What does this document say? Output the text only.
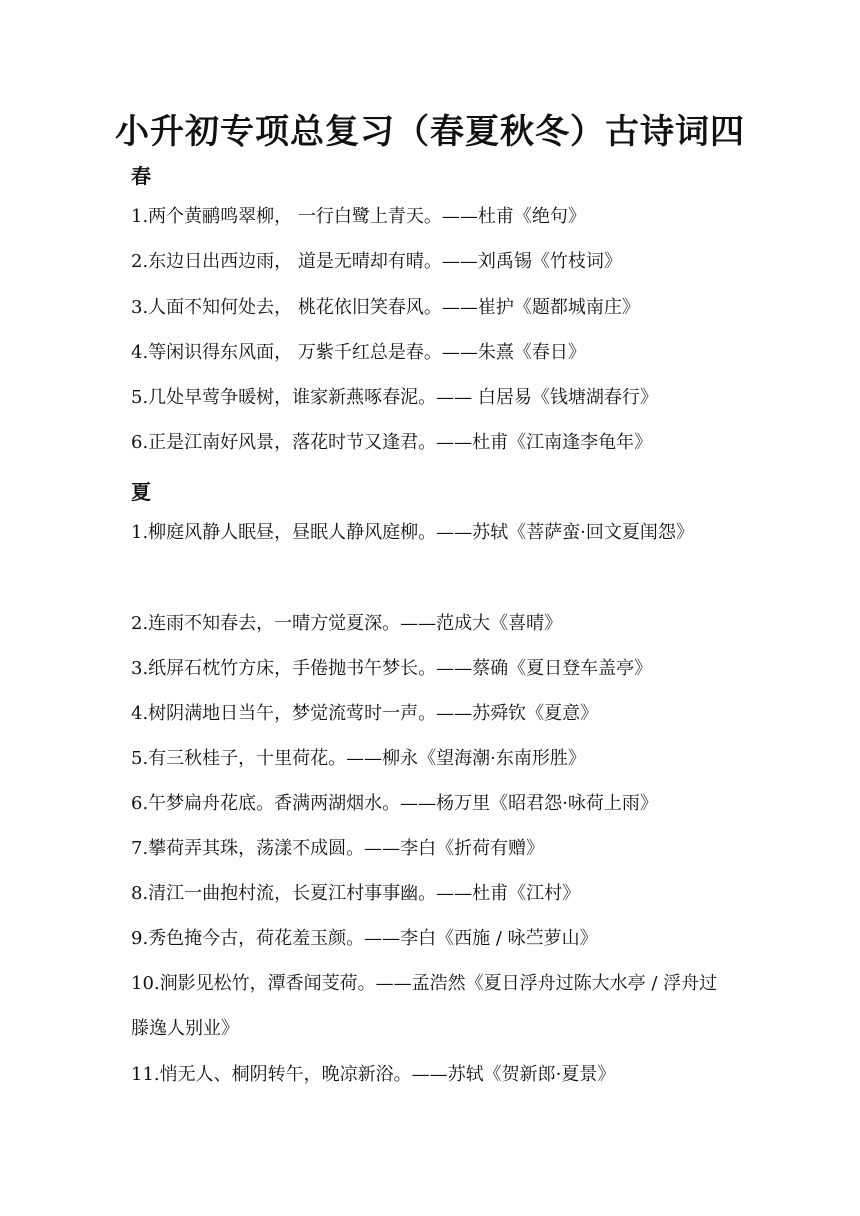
小升初专项总复习（春夏秋冬）古诗词四
春
1.两个黄鹂鸣翠柳， 一行白鹭上青天。——杜甫《绝句》
2.东边日出西边雨， 道是无晴却有晴。——刘禹锡《竹枝词》
3.人面不知何处去， 桃花依旧笑春风。——崔护《题都城南庄》
4.等闲识得东风面， 万紫千红总是春。——朱熹《春日》
5.几处早莺争暖树，谁家新燕啄春泥。—— 白居易《钱塘湖春行》
6.正是江南好风景，落花时节又逢君。——杜甫《江南逢李龟年》
夏
1.柳庭风静人眠昼，昼眠人静风庭柳。——苏轼《菩萨蛮·回文夏闺怨》
2.连雨不知春去，一晴方觉夏深。——范成大《喜晴》
3.纸屏石枕竹方床，手倦抛书午梦长。——蔡确《夏日登车盖亭》
4.树阴满地日当午，梦觉流莺时一声。——苏舜钦《夏意》
5.有三秋桂子，十里荷花。——柳永《望海潮·东南形胜》
6.午梦扁舟花底。香满两湖烟水。——杨万里《昭君怨·咏荷上雨》
7.攀荷弄其珠，荡漾不成圆。——李白《折荷有赠》
8.清江一曲抱村流，长夏江村事事幽。——杜甫《江村》
9.秀色掩今古，荷花羞玉颜。——李白《西施 / 咏苎萝山》
10.涧影见松竹，潭香闻芰荷。——孟浩然《夏日浮舟过陈大水亭 / 浮舟过滕逸人别业》
11.悄无人、桐阴转午，晚凉新浴。——苏轼《贺新郎·夏景》
